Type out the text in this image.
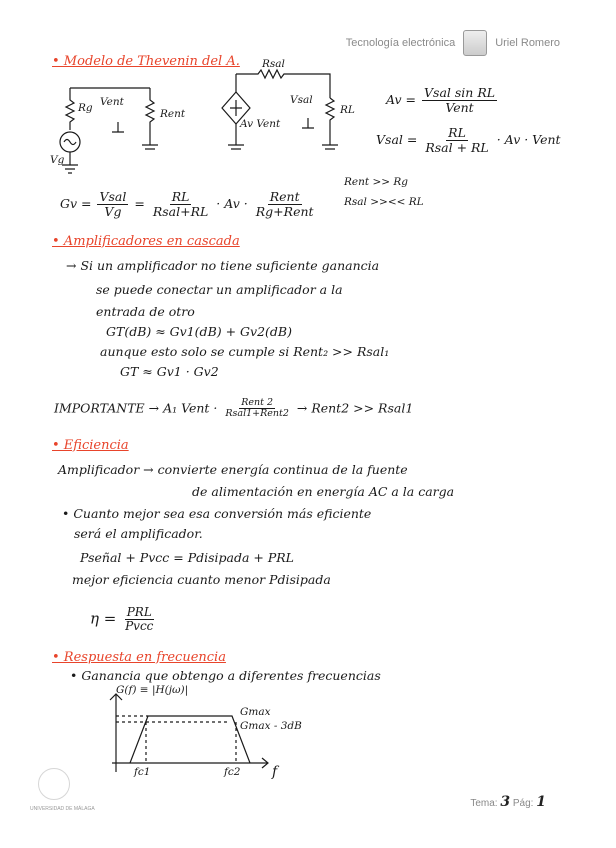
Tecnología electrónica	Uriel Romero
• Modelo de Thevenin del A.
Rg Vent
Rent
Vg
Rsal
Vsal
RL
Av Vent
$Av = \frac{\text{Vsal sin RL}}{\text{Vent}}$
Vsal = $\frac{RL}{\text{Rsal + RL}} \cdot Av$ · Vent
$Gv = \frac{\text{Vsal}}{Vg} = \frac{RL}{\text{Rsal+RL}} \cdot Av \cdot \frac{\text{Rent}}{\text{Rg+Rent}}$
Rent >> Rg
Rsal >><< RL
• Amplificadores en cascada
→ Si un amplificador no tiene suficiente ganancia
se puede conectar un amplificador a la
entrada de otro
GT(dB) ≈ Gv1(dB) + Gv2(dB)
aunque esto solo se cumple si Rent₂ >> Rsal₁
GT ≈ Gv1 · Gv2
IMPORTANTE → A₁ Vent · $\frac{\text{Rent 2}}{\text{Rsal1+Rent2}}$ → Rent2 >> Rsal1
• Eficiencia
Amplificador → convierte energía continua de la fuente
de alimentación en energía AC a la carga
• Cuanto mejor sea esa conversión más eficiente
será el amplificador.
Pseñal + Pvcc = Pdisipada + PRL
mejor eficiencia cuanto menor Pdisipada
$\eta = \frac{\text{PRL}}{\text{Pvcc}}$
• Respuesta en frecuencia
• Ganancia que obtengo a diferentes frecuencias
G(f) ≡ |H(jω)|
Gmax
Gmax - 3dB
fc1	fc2 f
UNIVERSIDAD DE MÁLAGA	Tema: 3 Pág: 1
